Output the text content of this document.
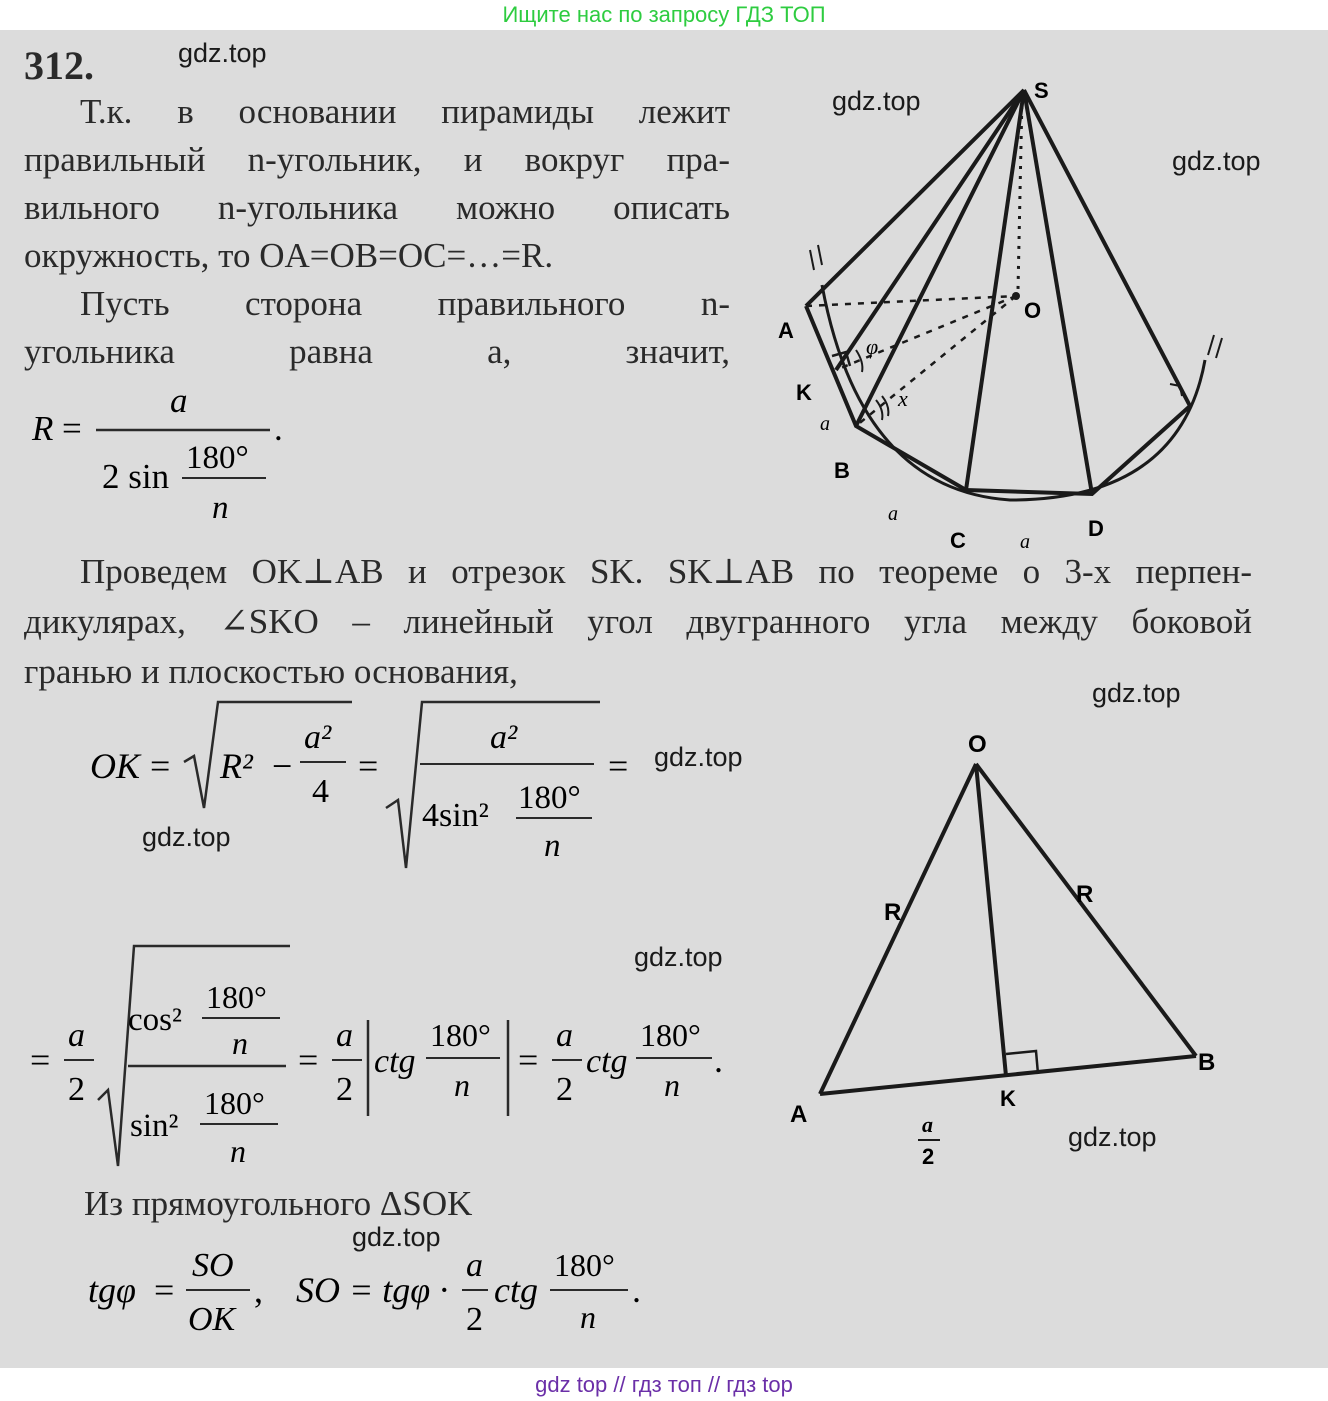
Ищите нас по запросу ГДЗ ТОП
gdz.top
gdz.top
gdz.top
gdz.top
gdz.top
gdz.top
gdz.top
gdz.top
gdz.top
312.
Т.к. в основании пирамиды лежит
правильный n-угольник, и вокруг пра-
вильного n-угольника можно описать
окружность, то OA=OB=OC=…=R.
Пусть сторона правильного n-
угольника равна a, значит,
R =
a
2 sin 180°
n
.
S
O
A
K
a
B
a
C	a
D
φ
x
Проведем OK⊥AB и отрезок SK. SK⊥AB по теореме о 3-х перпен-
дикулярах, ∠SKO – линейный угол двугранного угла между боковой
гранью и плоскостью основания,
OK = R² −
a²
4
=
a²
4sin² 180°
n
=
=
a
2
cos²
180°
n
sin²
180°
n
=
a
2
ctg
180°
n
=
a
2
ctg
180°
n
.
O
A
B
K
R
R
a
2
Из прямоугольного ΔSOK
tgφ =
SO
OK
, SO = tgφ ·
a
2
ctg
180°
n
.
gdz top // гдз топ // гдз top
